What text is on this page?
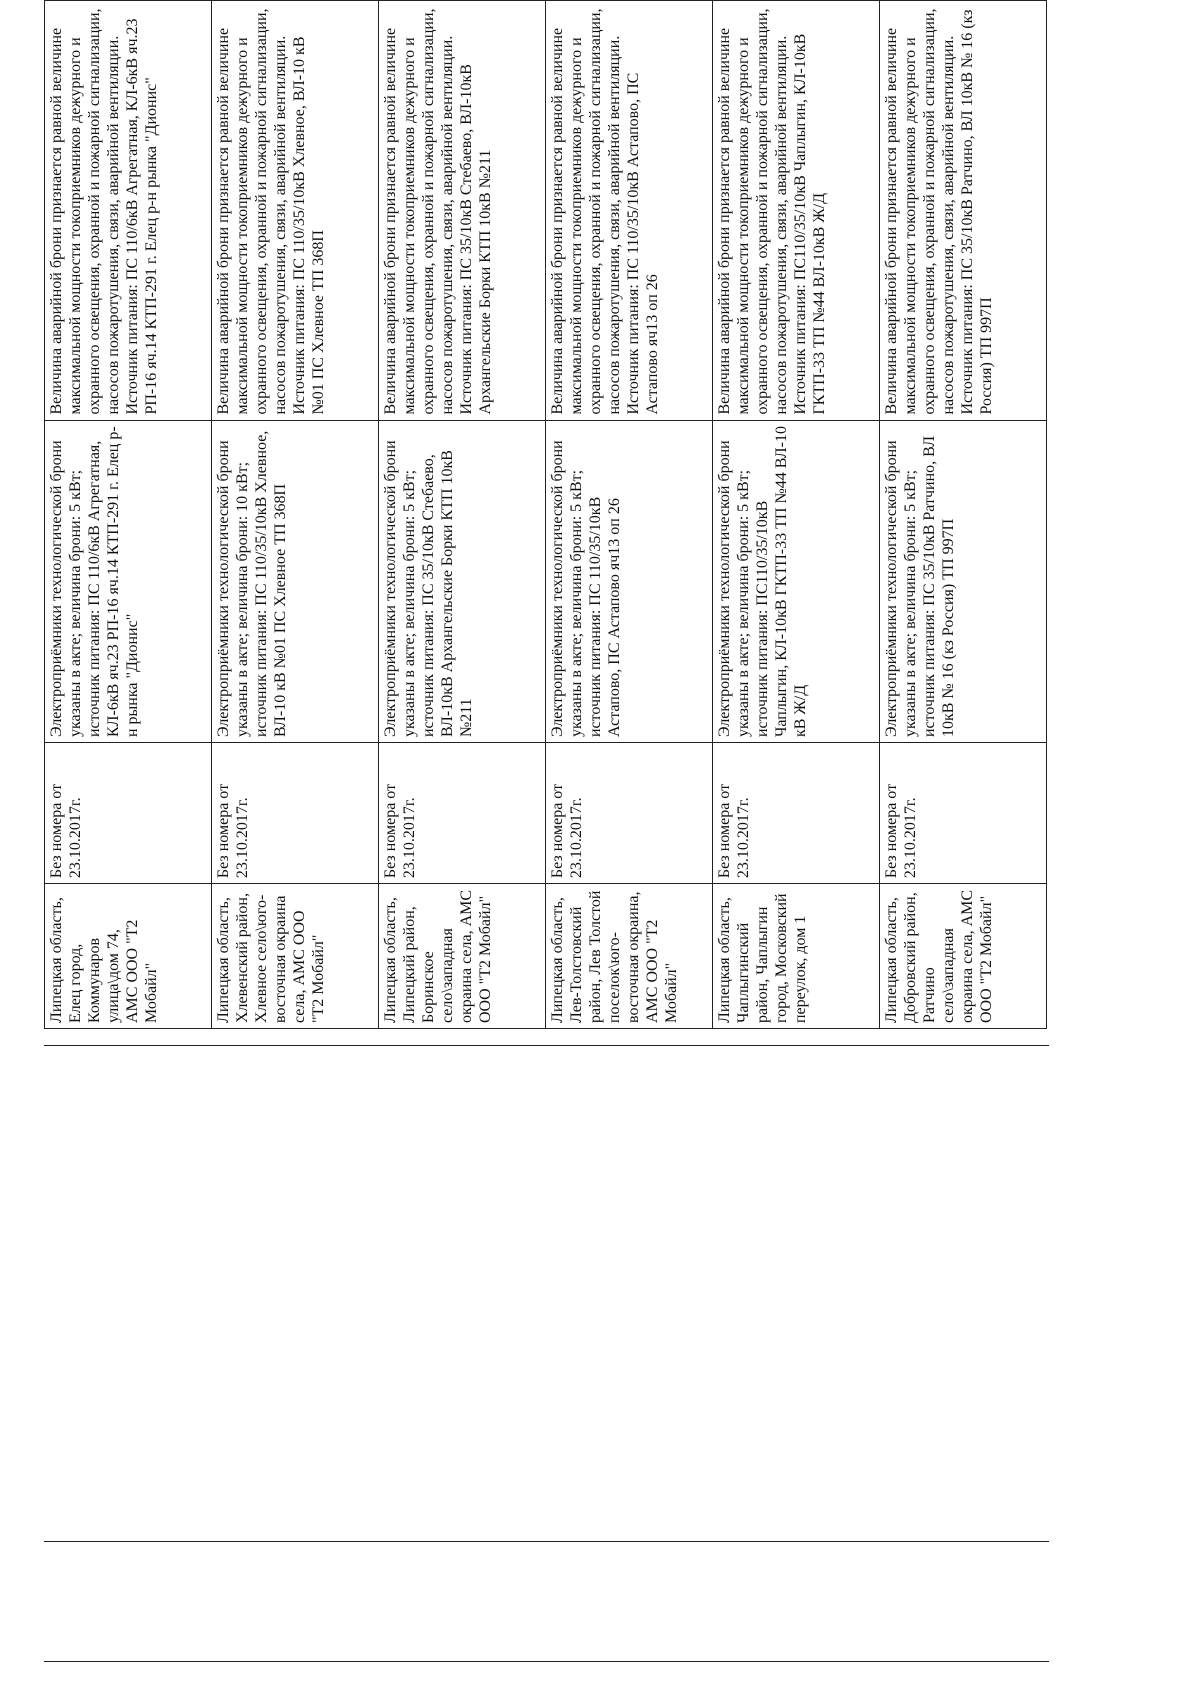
Липецкая область, Елец город, Коммунаров улица\дом 74, АМС ООО "Т2 Мобайл"	Без номера от 23.10.2017г.	Электроприёмники технологической брони указаны в акте; величина брони: 5 кВт; источник питания: ПС 110/6кВ Агрегатная, КЛ-6кВ яч.23 РП-16 яч.14 КТП-291 г. Елец р-н рынка "Дионис"	Величина аварийной брони признается равной величине максимальной мощности токоприемников дежурного и охранного освещения, охранной и пожарной сигнализации, насосов пожаротушения, связи, аварийной вентиляции. Источник питания: ПС 110/6кВ Агрегатная, КЛ-6кВ яч.23 РП-16 яч.14 КТП-291 г. Елец р-н рынка "Дионис"
Липецкая область, Хлевенский район, Хлевное село\юго-восточная окраина села, АМС ООО "Т2 Мобайл"	Без номера от 23.10.2017г.	Электроприёмники технологической брони указаны в акте; величина брони: 10 кВт; источник питания: ПС 110/35/10кВ Хлевное, ВЛ-10 кВ №01 ПС Хлевное ТП 368П	Величина аварийной брони признается равной величине максимальной мощности токоприемников дежурного и охранного освещения, охранной и пожарной сигнализации, насосов пожаротушения, связи, аварийной вентиляции. Источник питания: ПС 110/35/10кВ Хлевное, ВЛ-10 кВ №01 ПС Хлевное ТП 368П
Липецкая область, Липецкий район, Боринское село\западная окраина села, АМС ООО "Т2 Мобайл"	Без номера от 23.10.2017г.	Электроприёмники технологической брони указаны в акте; величина брони: 5 кВт; источник питания: ПС 35/10кВ Стебаево, ВЛ-10кВ Архангельские Борки КТП 10кВ №211	Величина аварийной брони признается равной величине максимальной мощности токоприемников дежурного и охранного освещения, охранной и пожарной сигнализации, насосов пожаротушения, связи, аварийной вентиляции. Источник питания: ПС 35/10кВ Стебаево, ВЛ-10кВ Архангельские Борки КТП 10кВ №211
Липецкая область, Лев-Толстовский район, Лев Толстой поселок\юго-восточная окраина, АМС ООО "Т2 Мобайл"	Без номера от 23.10.2017г.	Электроприёмники технологической брони указаны в акте; величина брони: 5 кВт; источник питания: ПС 110/35/10кВ Астапово, ПС Астапово яч13 оп 26	Величина аварийной брони признается равной величине максимальной мощности токоприемников дежурного и охранного освещения, охранной и пожарной сигнализации, насосов пожаротушения, связи, аварийной вентиляции. Источник питания: ПС 110/35/10кВ Астапово, ПС Астапово яч13 оп 26
Липецкая область, Чаплыгинский район, Чаплыгин город, Московский переулок, дом 1	Без номера от 23.10.2017г.	Электроприёмники технологической брони указаны в акте; величина брони: 5 кВт; источник питания: ПС110/35/10кВ Чаплыгин, КЛ-10кВ ГКТП-33 ТП №44 ВЛ-10 кВ Ж/Д	Величина аварийной брони признается равной величине максимальной мощности токоприемников дежурного и охранного освещения, охранной и пожарной сигнализации, насосов пожаротушения, связи, аварийной вентиляции. Источник питания: ПС110/35/10кВ Чаплыгин, КЛ-10кВ ГКТП-33 ТП №44 ВЛ-10кВ Ж/Д
Липецкая область, Добровский район, Ратчино село\западная окраина села, АМС ООО "Т2 Мобайл"	Без номера от 23.10.2017г.	Электроприёмники технологической брони указаны в акте; величина брони: 5 кВт; источник питания: ПС 35/10кВ Ратчино, ВЛ 10кВ № 16 (кз Россия) ТП 997П	Величина аварийной брони признается равной величине максимальной мощности токоприемников дежурного и охранного освещения, охранной и пожарной сигнализации, насосов пожаротушения, связи, аварийной вентиляции. Источник питания: ПС 35/10кВ Ратчино, ВЛ 10кВ № 16 (кз Россия) ТП 997П
